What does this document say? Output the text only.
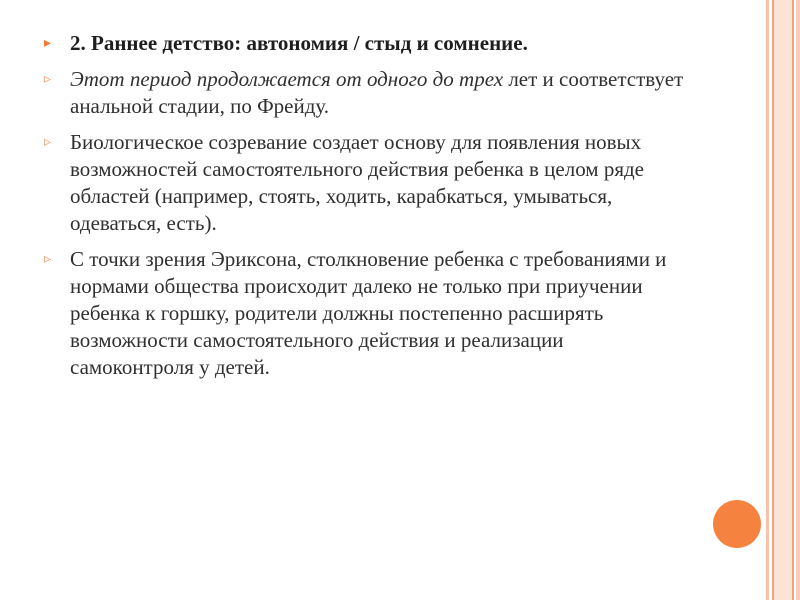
▸ 2. Раннее детство: автономия / стыд и сомнение.
▹ Этот период продолжается от одного до трех лет и соответствует анальной стадии, по Фрейду.
▹ Биологическое созревание создает основу для появления новых возможностей самостоятельного действия ребенка в целом ряде областей (например, стоять, ходить, карабкаться, умываться, одеваться, есть).
▹ С точки зрения Эриксона, столкновение ребенка с требованиями и нормами общества происходит далеко не только при приучении ребенка к горшку, родители должны постепенно расширять возможности самостоятельного действия и реализации самоконтроля у детей.
